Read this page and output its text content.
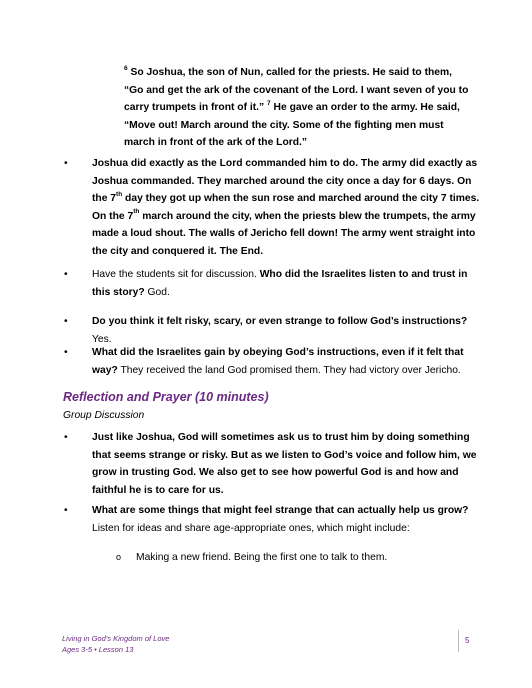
$^6$ So Joshua, the son of Nun, called for the priests. He said to them, “Go and get the ark of the covenant of the Lord. I want seven of you to carry trumpets in front of it.” $^7$ He gave an order to the army. He said, “Move out! March around the city. Some of the fighting men must march in front of the ark of the Lord.”
•	Joshua did exactly as the Lord commanded him to do. The army did exactly as Joshua commanded. They marched around the city once a day for 6 days. On the 7th day they got up when the sun rose and marched around the city 7 times. On the 7th march around the city, when the priests blew the trumpets, the army made a loud shout. The walls of Jericho fell down! The army went straight into the city and conquered it. The End.
•	Have the students sit for discussion. Who did the Israelites listen to and trust in this story? God.
•	Do you think it felt risky, scary, or even strange to follow God’s instructions? Yes.
•	What did the Israelites gain by obeying God’s instructions, even if it felt that way? They received the land God promised them. They had victory over Jericho.
Reflection and Prayer (10 minutes)
Group Discussion
•	Just like Joshua, God will sometimes ask us to trust him by doing something that seems strange or risky. But as we listen to God’s voice and follow him, we grow in trusting God. We also get to see how powerful God is and how and faithful he is to care for us.
•	What are some things that might feel strange that can actually help us grow?
Listen for ideas and share age-appropriate ones, which might include:
o Making a new friend. Being the first one to talk to them.
Living in God’s Kingdom of Love
Ages 3-5 • Lesson 13
5
